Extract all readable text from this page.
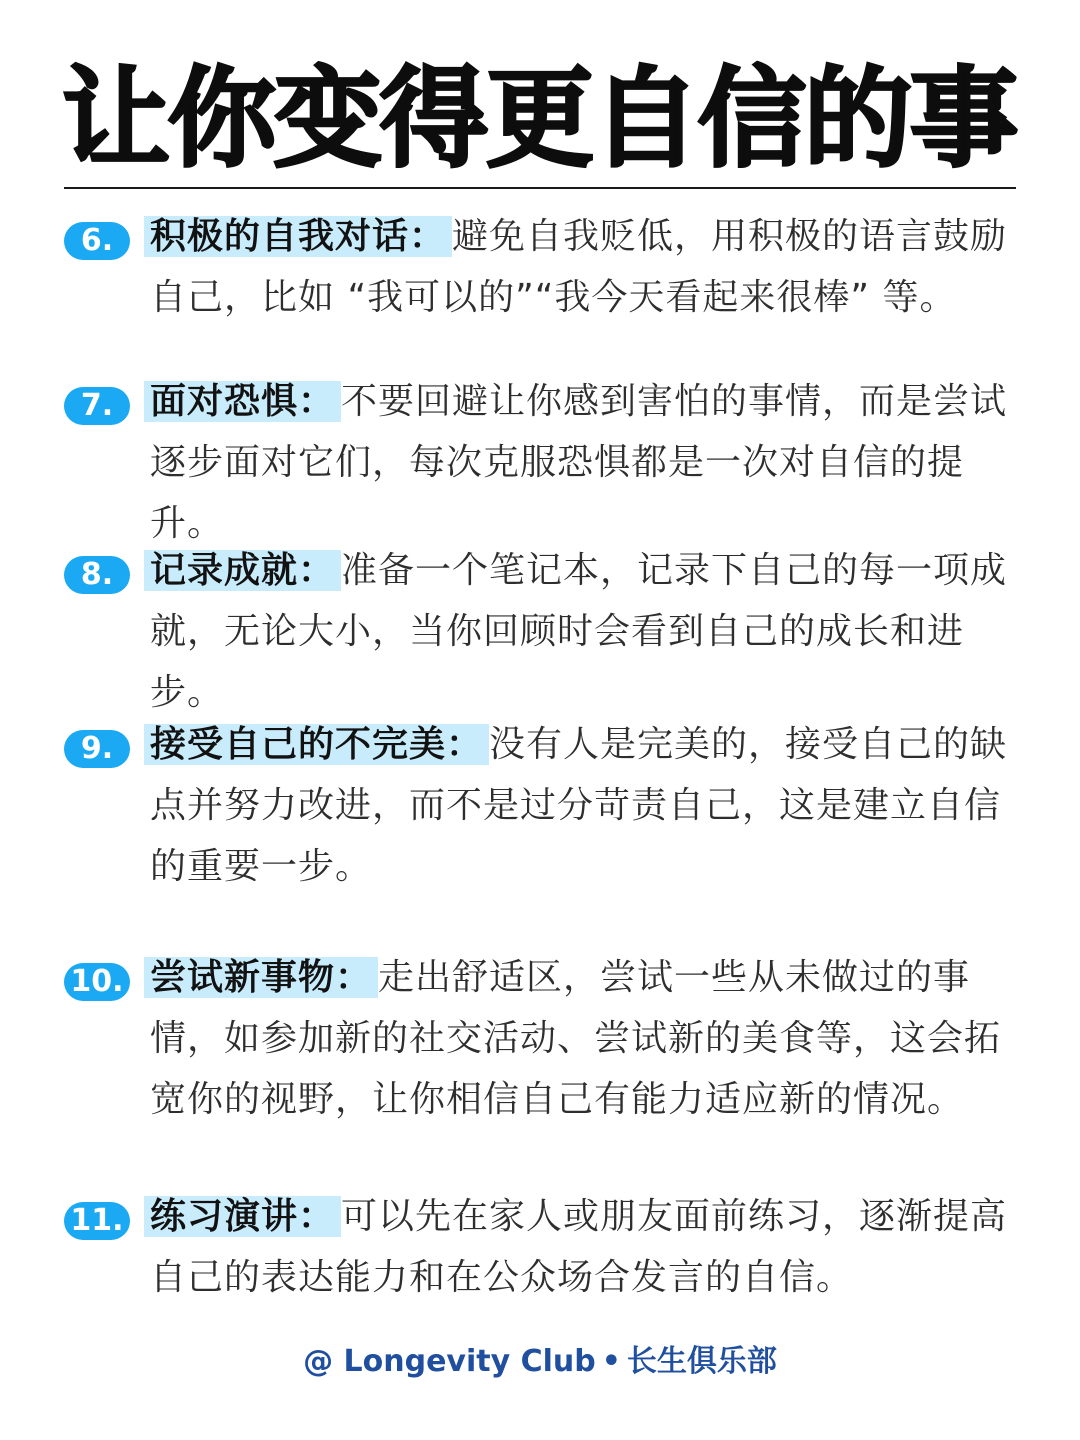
让你变得更自信的事
6.	积极的自我对话： 避免自我贬低，用积极的语言鼓励自己，比如 “我可以的”“我今天看起来很棒” 等。
7.	面对恐惧： 不要回避让你感到害怕的事情，而是尝试逐步面对它们，每次克服恐惧都是一次对自信的提升。
8.	记录成就： 准备一个笔记本，记录下自己的每一项成就，无论大小，当你回顾时会看到自己的成长和进步。
9.	接受自己的不完美： 没有人是完美的，接受自己的缺点并努力改进，而不是过分苛责自己，这是建立自信的重要一步。
10. 尝试新事物： 走出舒适区，尝试一些从未做过的事情，如参加新的社交活动、尝试新的美食等，这会拓宽你的视野，让你相信自己有能力适应新的情况。
11. 练习演讲： 可以先在家人或朋友面前练习，逐渐提高自己的表达能力和在公众场合发言的自信。
@ Longevity Club • 长生俱乐部
